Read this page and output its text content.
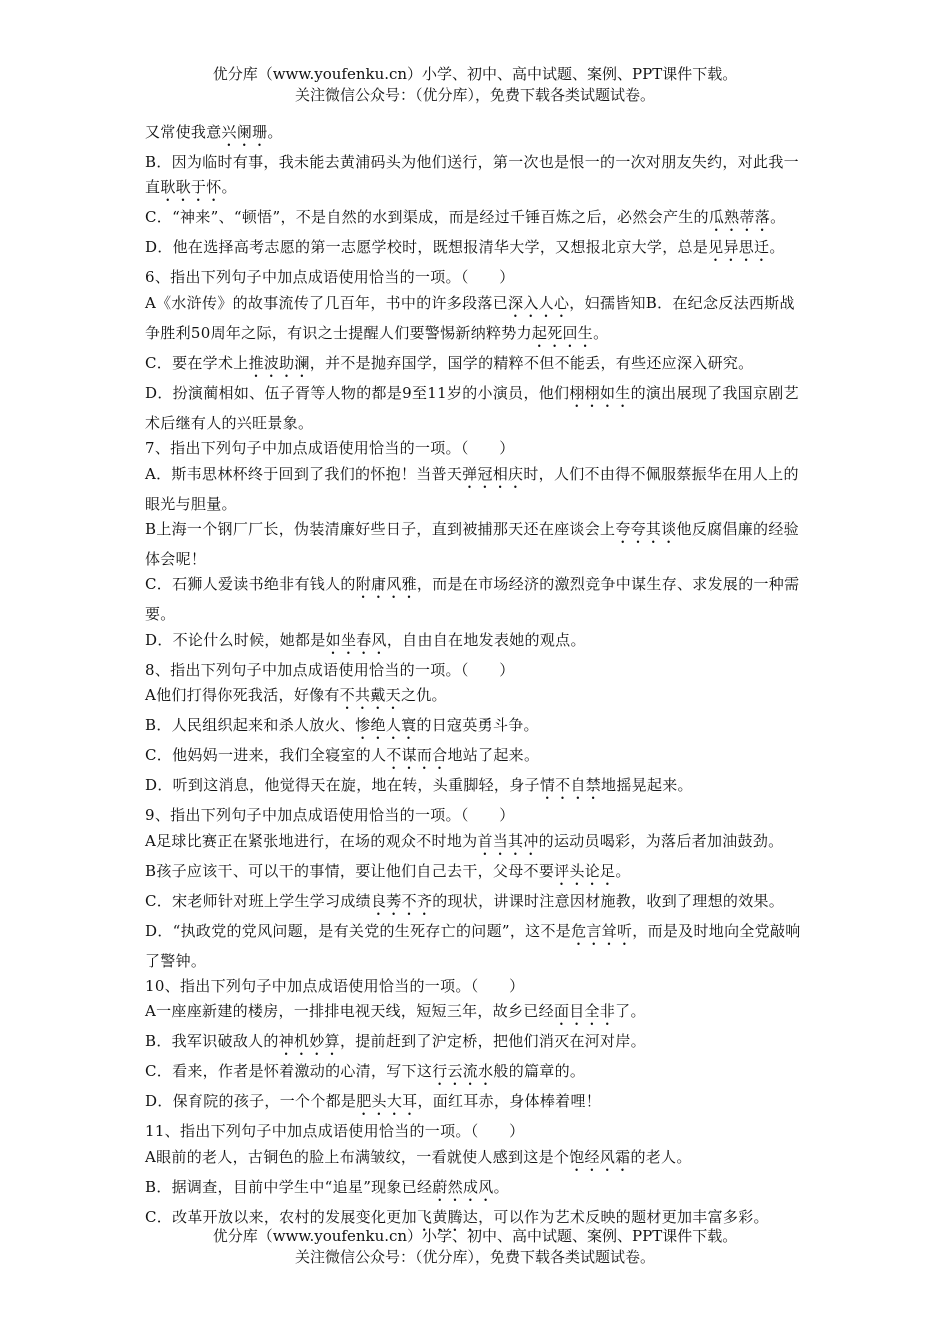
优分库（www.youfenku.cn）小学、初中、高中试题、案例、PPT课件下载。
关注微信公众号：（优分库），免费下载各类试题试卷。

又常使我意兴阑珊。

B．因为临时有事，我未能去黄浦码头为他们送行，第一次也是恨一的一次对朋友失约，对此我一直耿耿于怀。

C．“神来”、“顿悟”，不是自然的水到渠成，而是经过千锤百炼之后，必然会产生的瓜熟蒂落。

D．他在选择高考志愿的第一志愿学校时，既想报清华大学，又想报北京大学，总是见异思迁。

6、指出下列句子中加点成语使用恰当的一项。（　　）

A《水浒传》的故事流传了几百年，书中的许多段落已深入人心，妇孺皆知B．在纪念反法西斯战争胜利50周年之际，有识之士提醒人们要警惕新纳粹势力起死回生。

C．要在学术上推波助澜，并不是抛弃国学，国学的精粹不但不能丢，有些还应深入研究。

D．扮演蔺相如、伍子胥等人物的都是9至11岁的小演员，他们栩栩如生的演出展现了我国京剧艺术后继有人的兴旺景象。

7、指出下列句子中加点成语使用恰当的一项。（　　）

A．斯韦思林杯终于回到了我们的怀抱！当普天弹冠相庆时，人们不由得不佩服蔡振华在用人上的眼光与胆量。

B上海一个钢厂厂长，伪装清廉好些日子，直到被捕那天还在座谈会上夸夸其谈他反腐倡廉的经验体会呢！

C．石狮人爱读书绝非有钱人的附庸风雅，而是在市场经济的激烈竞争中谋生存、求发展的一种需要。

D．不论什么时候，她都是如坐春风，自由自在地发表她的观点。

8、指出下列句子中加点成语使用恰当的一项。（　　）

A他们打得你死我活，好像有不共戴天之仇。

B．人民组织起来和杀人放火、惨绝人寰的日寇英勇斗争。

C．他妈妈一进来，我们全寝室的人不谋而合地站了起来。

D．听到这消息，他觉得天在旋，地在转，头重脚轻，身子情不自禁地摇晃起来。

9、指出下列句子中加点成语使用恰当的一项。（　　）

A足球比赛正在紧张地进行，在场的观众不时地为首当其冲的运动员喝彩，为落后者加油鼓劲。

B孩子应该干、可以干的事情，要让他们自己去干，父母不要评头论足。

C．宋老师针对班上学生学习成绩良莠不齐的现状，讲课时注意因材施教，收到了理想的效果。

D．“执政党的党风问题，是有关党的生死存亡的问题”，这不是危言耸听，而是及时地向全党敲响了警钟。

10、指出下列句子中加点成语使用恰当的一项。（　　）

A一座座新建的楼房，一排排电视天线，短短三年，故乡已经面目全非了。

B．我军识破敌人的神机妙算，提前赶到了沪定桥，把他们消灭在河对岸。

C．看来，作者是怀着激动的心清，写下这行云流水般的篇章的。

D．保育院的孩子，一个个都是肥头大耳，面红耳赤，身体棒着哩！

11、指出下列句子中加点成语使用恰当的一项。（　　）

A眼前的老人，古铜色的脸上布满皱纹，一看就使人感到这是个饱经风霜的老人。

B．据调查，目前中学生中“追星”现象已经蔚然成风。

C．改革开放以来，农村的发展变化更加飞黄腾达，可以作为艺术反映的题材更加丰富多彩。

优分库（www.youfenku.cn）小学、初中、高中试题、案例、PPT课件下载。
关注微信公众号：（优分库），免费下载各类试题试卷。
